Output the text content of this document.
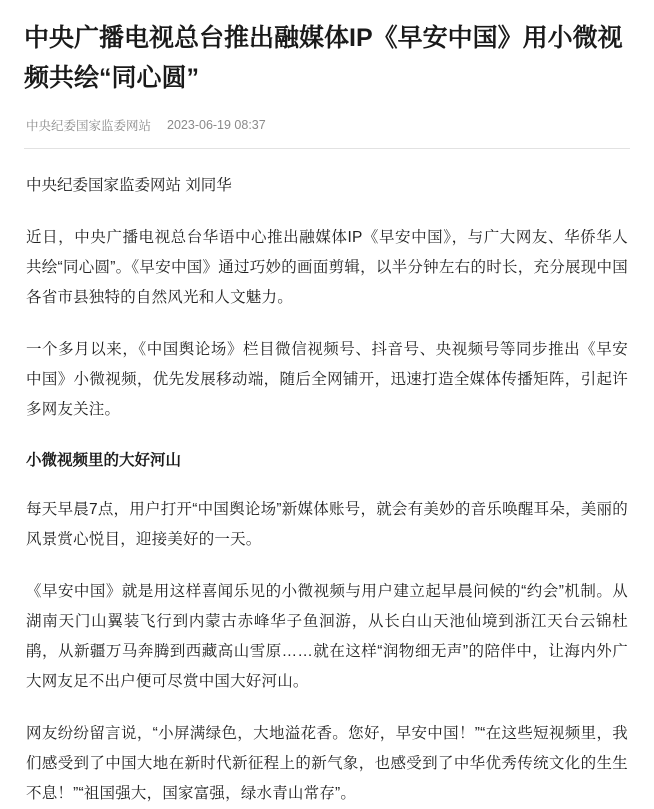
中央广播电视总台推出融媒体IP《早安中国》用小微视频共绘“同心圆”
中央纪委国家监委网站 2023-06-19 08:37

中央纪委国家监委网站 刘同华

近日，中央广播电视总台华语中心推出融媒体IP《早安中国》，与广大网友、华侨华人共绘“同心圆”。《早安中国》通过巧妙的画面剪辑，以半分钟左右的时长，充分展现中国各省市县独特的自然风光和人文魅力。

一个多月以来，《中国舆论场》栏目微信视频号、抖音号、央视频号等同步推出《早安中国》小微视频，优先发展移动端，随后全网铺开，迅速打造全媒体传播矩阵，引起许多网友关注。

小微视频里的大好河山

每天早晨7点，用户打开“中国舆论场”新媒体账号，就会有美妙的音乐唤醒耳朵，美丽的风景赏心悦目，迎接美好的一天。

《早安中国》就是用这样喜闻乐见的小微视频与用户建立起早晨问候的“约会”机制。从湖南天门山翼装飞行到内蒙古赤峰华子鱼洄游，从长白山天池仙境到浙江天台云锦杜鹃，从新疆万马奔腾到西藏高山雪原……就在这样“润物细无声”的陪伴中，让海内外广大网友足不出户便可尽赏中国大好河山。

网友纷纷留言说，“小屏满绿色，大地溢花香。您好，早安中国！”“在这些短视频里，我们感受到了中国大地在新时代新征程上的新气象，也感受到了中华优秀传统文化的生生不息！”“祖国强大，国家富强，绿水青山常存”。
